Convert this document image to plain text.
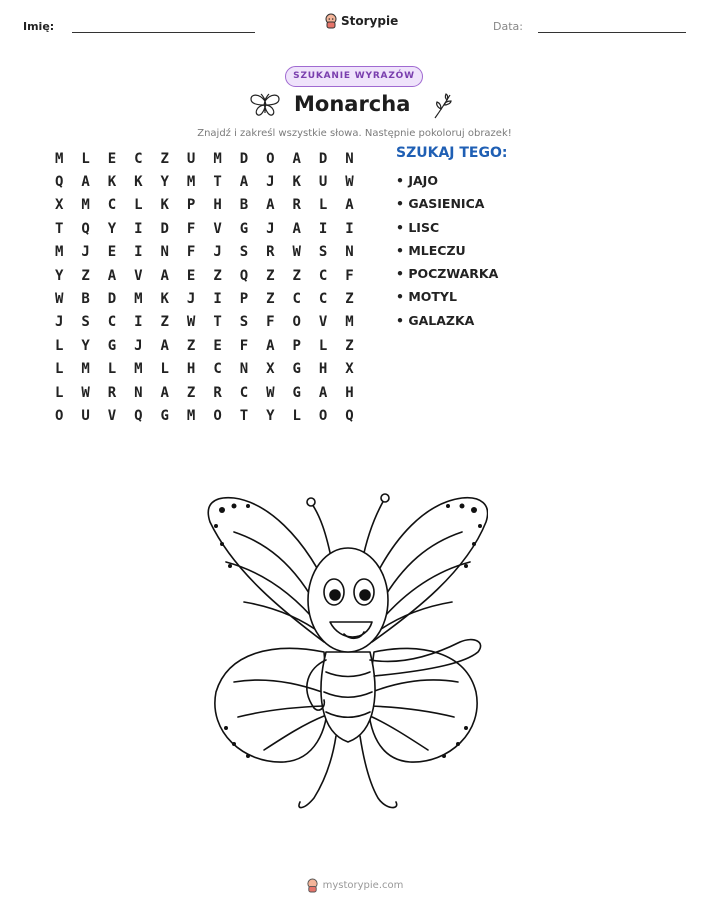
Imię:	Storypie	Data:
SZUKANIE WYRAZÓW
Monarcha
Znajdź i zakreśl wszystkie słowa. Następnie pokoloruj obrazek!
M	L	E	C	Z	U	M	D	O	A	D	N
Q	A	K	K	Y	M	T	A	J	K	U	W
X	M	C	L	K	P	H	B	A	R	L	A
T	Q	Y	I	D	F	V	G	J	A	I	I
M	J	E	I	N	F	J	S	R	W	S	N
Y	Z	A	V	A	E	Z	Q	Z	Z	C	F
W	B	D	M	K	J	I	P	Z	C	C	Z
J	S	C	I	Z	W	T	S	F	O	V	M
L	Y	G	J	A	Z	E	F	A	P	L	Z
L	M	L	M	L	H	C	N	X	G	H	X
L	W	R	N	A	Z	R	C	W	G	A	H
O	U	V	Q	G	M	O	T	Y	L	O	Q
SZUKAJ TEGO:
• JAJO
• GASIENICA
• LISC
• MLECZU
• POCZWARKA
• MOTYL
• GALAZKA
mystorypie.com
